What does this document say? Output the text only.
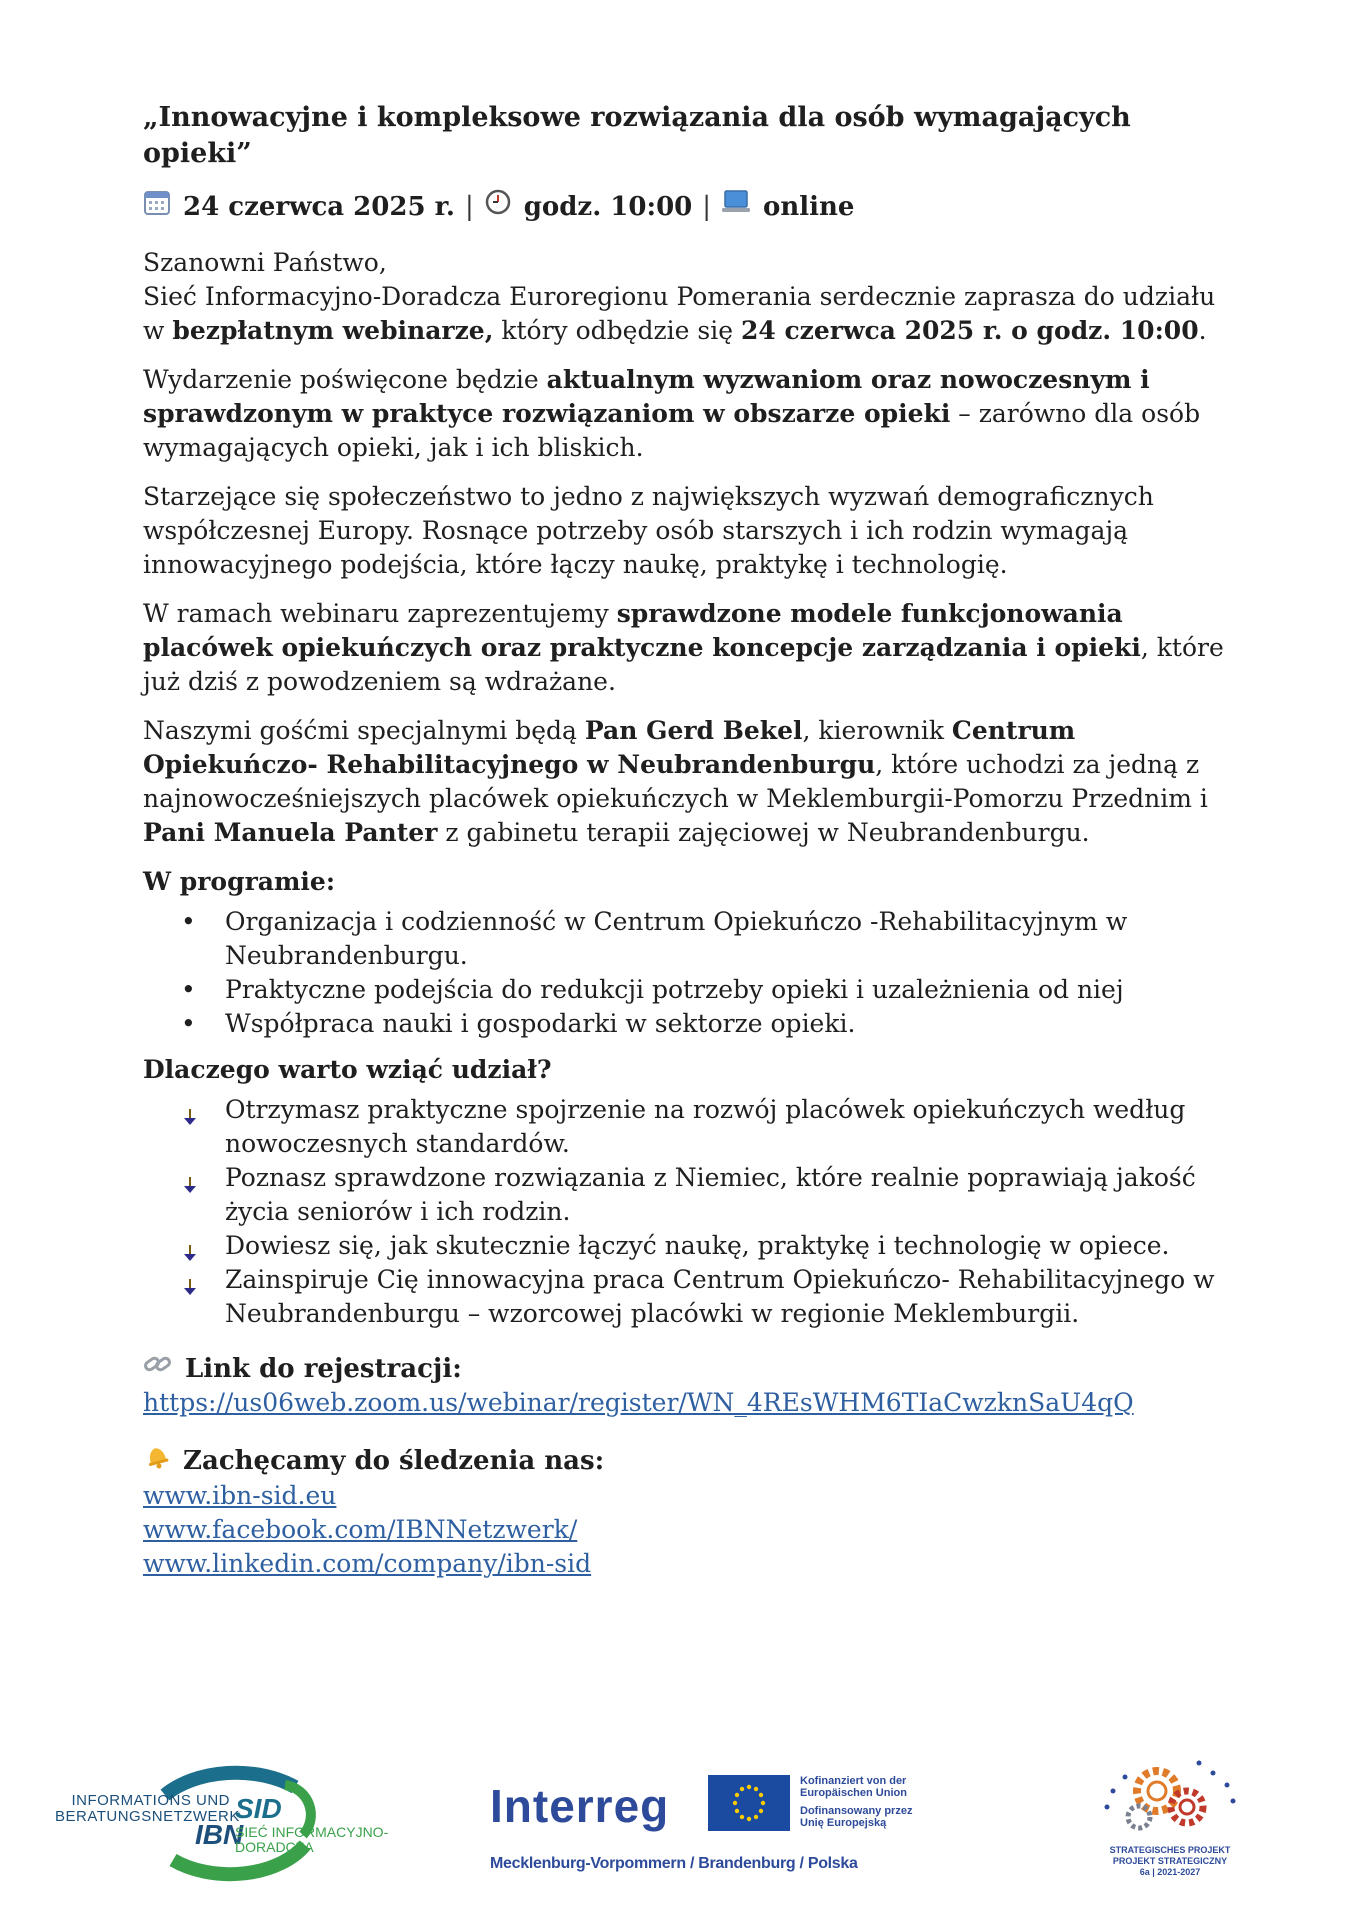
„Innowacyjne i kompleksowe rozwiązania dla osób wymagających opieki”
24 czerwca 2025 r. | godz. 10:00 | online

Szanowni Państwo,
Sieć Informacyjno-Doradcza Euroregionu Pomerania serdecznie zaprasza do udziału
w bezpłatnym webinarze, który odbędzie się 24 czerwca 2025 r. o godz. 10:00.

Wydarzenie poświęcone będzie aktualnym wyzwaniom oraz nowoczesnym i sprawdzonym w praktyce rozwiązaniom w obszarze opieki – zarówno dla osób wymagających opieki, jak i ich bliskich.

Starzejące się społeczeństwo to jedno z największych wyzwań demograficznych współczesnej Europy. Rosnące potrzeby osób starszych i ich rodzin wymagają innowacyjnego podejścia, które łączy naukę, praktykę i technologię.

W ramach webinaru zaprezentujemy sprawdzone modele funkcjonowania placówek opiekuńczych oraz praktyczne koncepcje zarządzania i opieki, które już dziś z powodzeniem są wdrażane.

Naszymi gośćmi specjalnymi będą Pan Gerd Bekel, kierownik Centrum Opiekuńczo- Rehabilitacyjnego w Neubrandenburgu, które uchodzi za jedną z najnowocześniejszych placówek opiekuńczych w Meklemburgii-Pomorzu Przednim i Pani Manuela Panter z gabinetu terapii zajęciowej w Neubrandenburgu.

W programie:
• Organizacja i codzienność w Centrum Opiekuńczo -Rehabilitacyjnym w Neubrandenburgu.
• Praktyczne podejścia do redukcji potrzeby opieki i uzależnienia od niej
• Współpraca nauki i gospodarki w sektorze opieki.
Dlaczego warto wziąć udział?
Otrzymasz praktyczne spojrzenie na rozwój placówek opiekuńczych według nowoczesnych standardów.
Poznasz sprawdzone rozwiązania z Niemiec, które realnie poprawiają jakość życia seniorów i ich rodzin.
Dowiesz się, jak skutecznie łączyć naukę, praktykę i technologię w opiece.
Zainspiruje Cię innowacyjna praca Centrum Opiekuńczo- Rehabilitacyjnego w Neubrandenburgu – wzorcowej placówki w regionie Meklemburgii.
Link do rejestracji:
https://us06web.zoom.us/webinar/register/WN_4REsWHM6TIaCwzknSaU4qQ
Zachęcamy do śledzenia nas:
www.ibn-sid.eu
www.facebook.com/IBNNetzwerk/
www.linkedin.com/company/ibn-sid
INFORMATIONS UND
BERATUNGSNETZWERK
SID
IBN
SIEĆ INFORMACYJNO-
DORADCZA
Interreg	Kofinanziert von der
Europäischen Union
Dofinansowany przez
Unię Europejską
Mecklenburg-Vorpommern / Brandenburg / Polska
STRATEGISCHES PROJEKT
PROJEKT STRATEGICZNY
6a | 2021-2027
